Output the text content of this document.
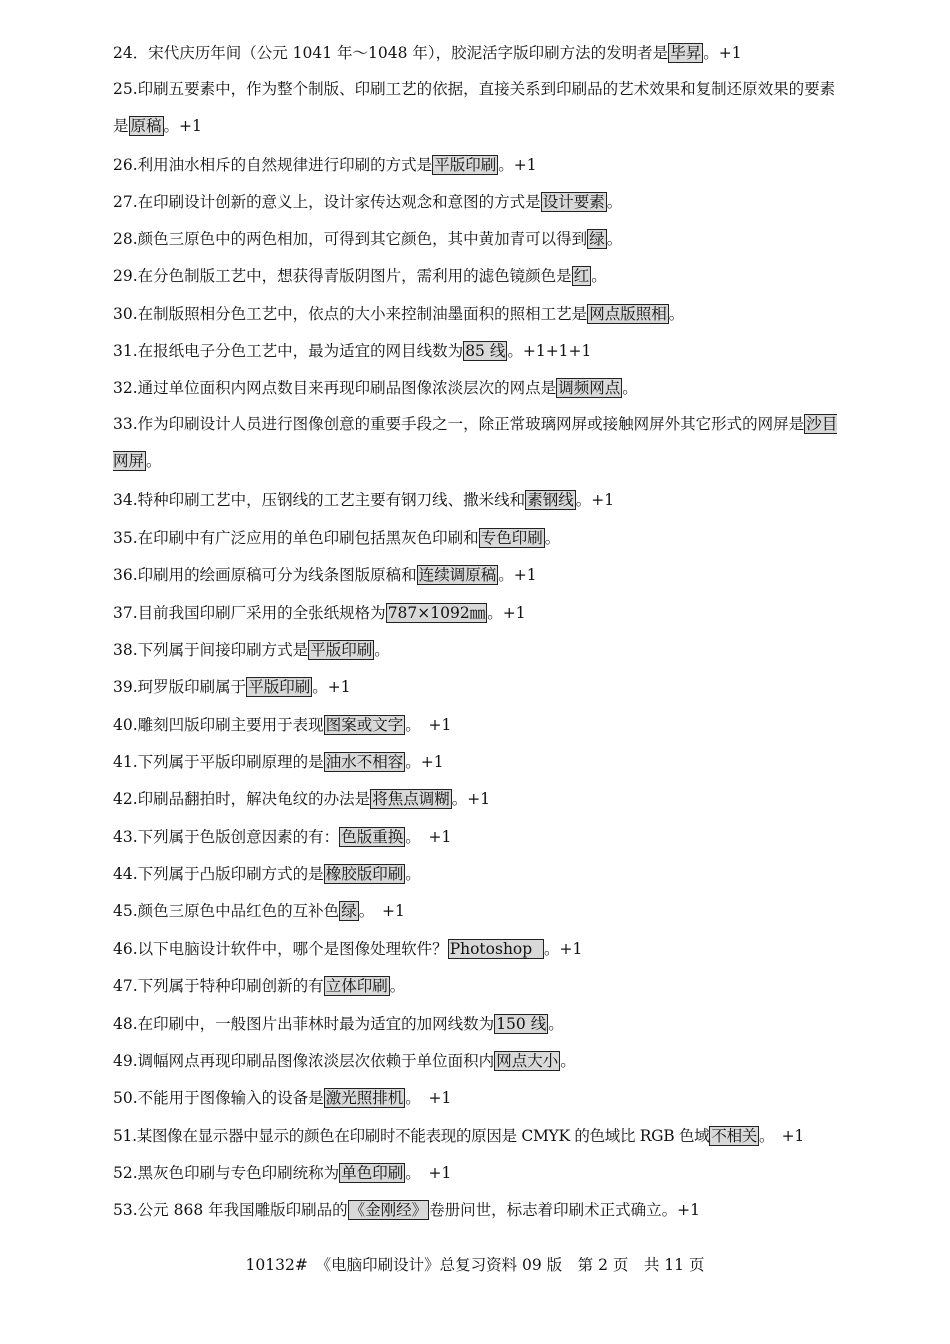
24．宋代庆历年间（公元 1041 年～1048 年），胶泥活字版印刷方法的发明者是 毕昇 。+1
25.印刷五要素中，作为整个制版、印刷工艺的依据，直接关系到印刷品的艺术效果和复制还原效果的要素是 原稿 。+1
26.利用油水相斥的自然规律进行印刷的方式是 平版印刷 。+1
27.在印刷设计创新的意义上，设计家传达观念和意图的方式是 设计要素 。
28.颜色三原色中的两色相加，可得到其它颜色，其中黄加青可以得到 绿 。
29.在分色制版工艺中，想获得青版阴图片，需利用的滤色镜颜色是 红 。
30.在制版照相分色工艺中，依点的大小来控制油墨面积的照相工艺是 网点版照相 。
31.在报纸电子分色工艺中，最为适宜的网目线数为 85 线 。+1+1+1
32.通过单位面积内网点数目来再现印刷品图像浓淡层次的网点是 调频网点 。
33.作为印刷设计人员进行图像创意的重要手段之一，除正常玻璃网屏或接触网屏外其它形式的网屏是 沙目网屏 。
34.特种印刷工艺中，压钢线的工艺主要有钢刀线、撒米线和 素钢线 。+1
35.在印刷中有广泛应用的单色印刷包括黑灰色印刷和 专色印刷 。
36.印刷用的绘画原稿可分为线条图版原稿和 连续调原稿 。+1
37.目前我国印刷厂采用的全张纸规格为 787×1092㎜ 。+1
38.下列属于间接印刷方式是 平版印刷 。
39.珂罗版印刷属于 平版印刷 。+1
40.雕刻凹版印刷主要用于表现 图案或文字 。　+1
41.下列属于平版印刷原理的是 油水不相容 。+1
42.印刷品翻拍时，解决龟纹的办法是 将焦点调糊 。+1
43.下列属于色版创意因素的有： 色版重换 。　+1
44.下列属于凸版印刷方式的是 橡胶版印刷 。
45.颜色三原色中品红色的互补色 绿 。　+1
46.以下电脑设计软件中，哪个是图像处理软件？ Photoshop  。+1
47.下列属于特种印刷创新的有 立体印刷 。
48.在印刷中，一般图片出菲林时最为适宜的加网线数为 150 线 。
49.调幅网点再现印刷品图像浓淡层次依赖于单位面积内 网点大小 。
50.不能用于图像输入的设备是 激光照排机 。　+1
51.某图像在显示器中显示的颜色在印刷时不能表现的原因是 CMYK 的色域比 RGB 色域 不相关 。　+1
52.黑灰色印刷与专色印刷统称为 单色印刷 。　+1
53.公元 868 年我国雕版印刷品的 《金刚经》 卷册问世，标志着印刷术正式确立。+1
10132#　《电脑印刷设计》总复习资料 09 版　第 2 页　共 11 页
